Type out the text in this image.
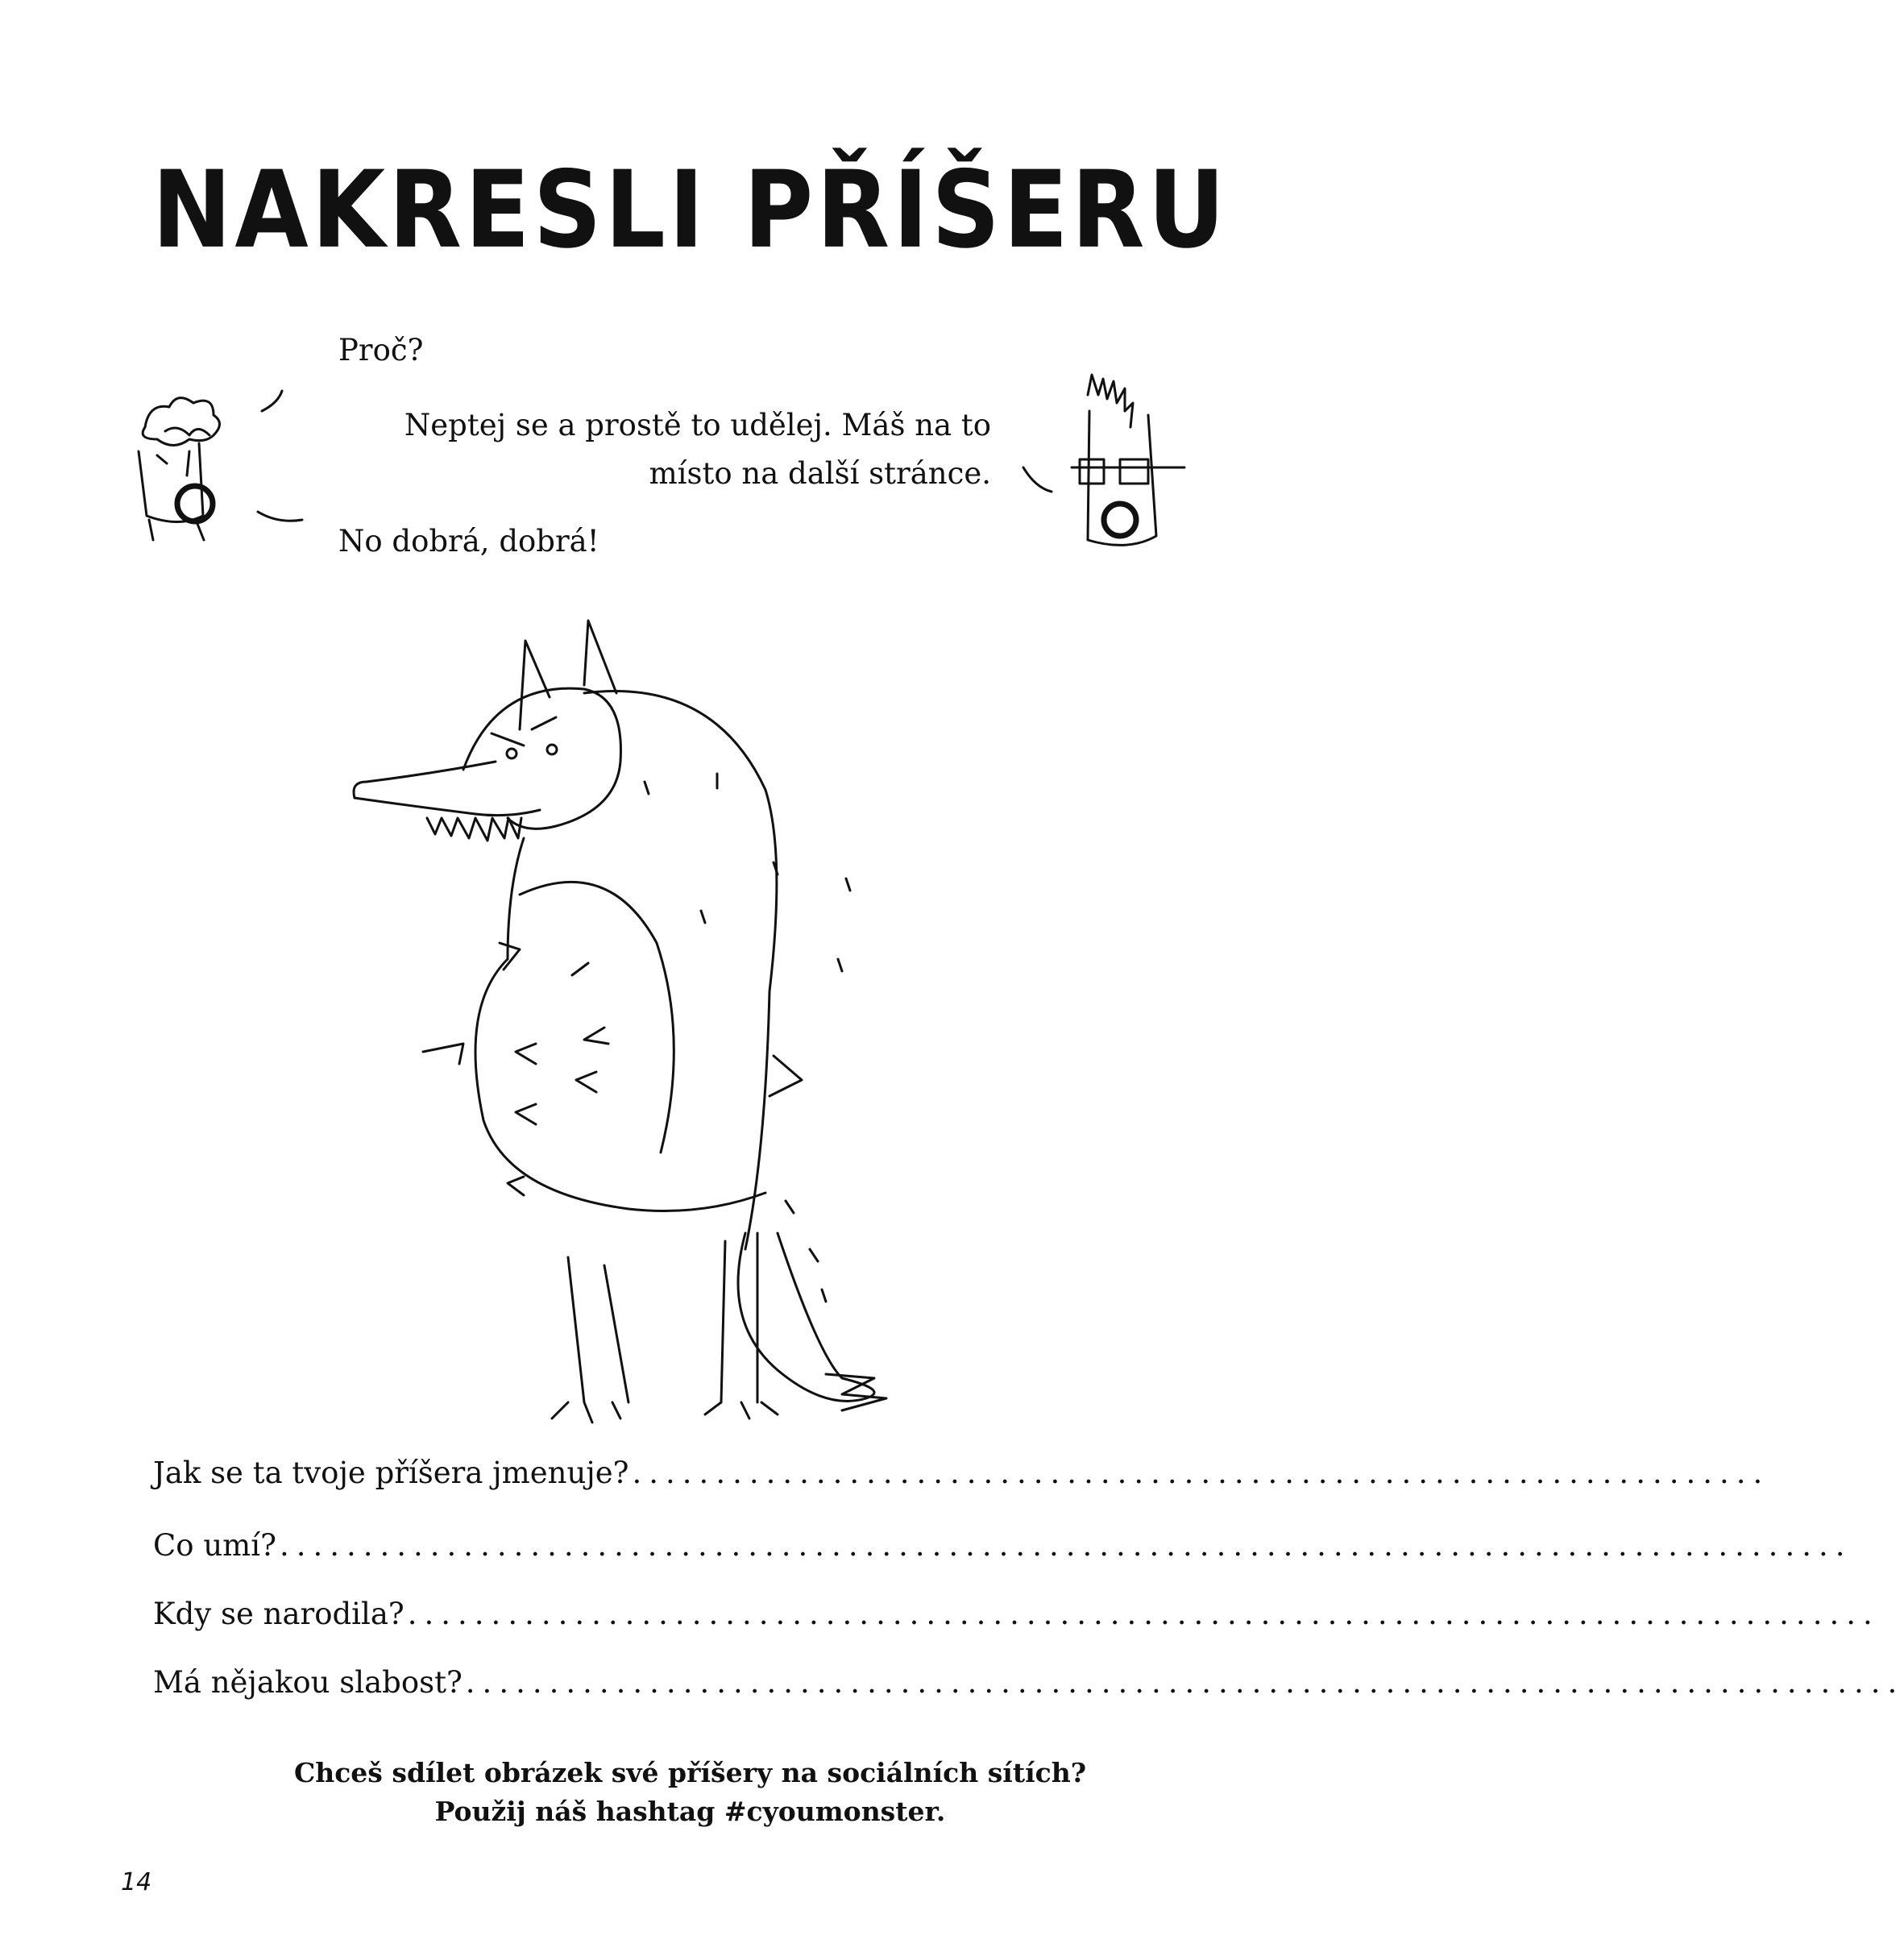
NAKRESLI PŘÍŠERU
Proč?
Neptej se a prostě to udělej. Máš na to
místo na další stránce.
No dobrá, dobrá!
Jak se ta tvoje příšera jmenuje? ....................................................................
Co umí? ..............................................................................................
Kdy se narodila? ........................................................................................
Má nějakou slabost? ......................................................................................
Chceš sdílet obrázek své příšery na sociálních sítích?
Použij náš hashtag #cyoumonster.
14
